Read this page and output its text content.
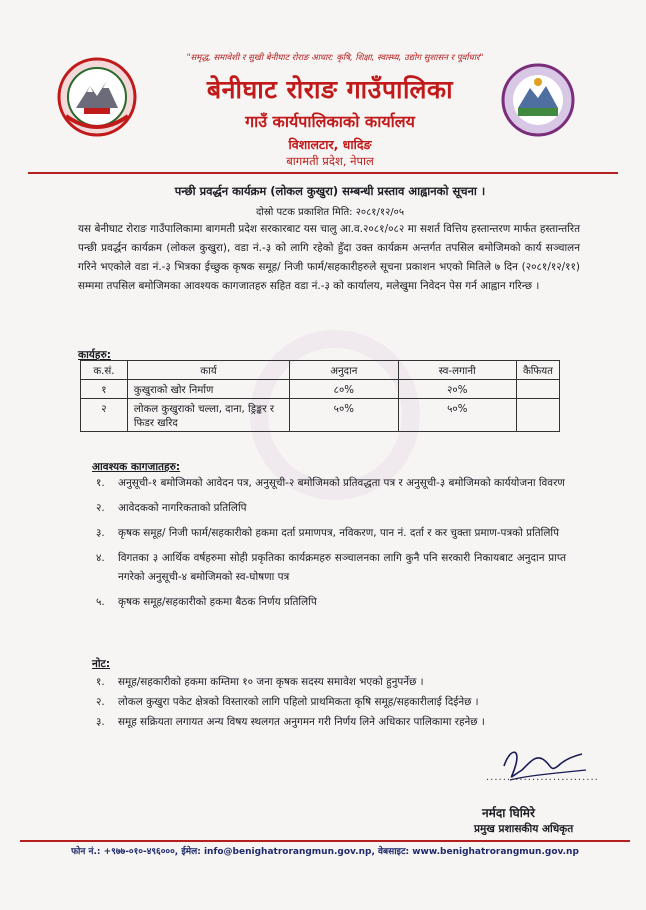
"समृद्ध, समावेशी र सुखी बेनीघाट रोराङ आधार: कृषि, शिक्षा, स्वास्थ्य, उद्योग सुशासन र पूर्वाधार"
बेनीघाट रोराङ गाउँपालिका
गाउँ कार्यपालिकाको कार्यालय
विशालटार, धादिङ
बागमती प्रदेश, नेपाल
पन्छी प्रवर्द्धन कार्यक्रम (लोकल कुखुरा) सम्बन्धी प्रस्ताव आह्वानको सूचना ।
दोस्रो पटक प्रकाशित मिति: २०८१/१२/०५
यस बेनीघाट रोराङ गाउँपालिकामा बागमती प्रदेश सरकारबाट यस चालु आ.व.२०८१/०८२ मा सशर्त वित्तिय हस्तान्तरण मार्फत हस्तान्तरित पन्छी प्रवर्द्धन कार्यक्रम (लोकल कुखुरा), वडा नं.-३ को लागि रहेको हुँदा उक्त कार्यक्रम अन्तर्गत तपसिल बमोजिमको कार्य सञ्चालन गरिने भएकोले वडा नं.-३ भित्रका ईच्छुक कृषक समूह/ निजी फार्म/सहकारीहरुले सूचना प्रकाशन भएको मितिले ७ दिन (२०८१/१२/११) सम्ममा तपसिल बमोजिमका आवश्यक कागजातहरु सहित वडा नं.-३ को कार्यालय, मलेखुमा निवेदन पेस गर्न आह्वान गरिन्छ ।
कार्यहरु:
क.सं.	कार्य	अनुदान	स्व-लगानी	कैफियत
१	कुखुराको खोर निर्माण	८०%	२०%	
२	लोकल कुखुराको चल्ला, दाना, ड्रिङ्कर र फिडर खरिद	५०%	५०%	
आवश्यक कागजातहरु:
१. अनुसूची-१ बमोजिमको आवेदन पत्र, अनुसूची-२ बमोजिमको प्रतिवद्धता पत्र र अनुसूची-३ बमोजिमको कार्ययोजना विवरण
२. आवेदकको नागरिकताको प्रतिलिपि
३. कृषक समूह/ निजी फार्म/सहकारीको हकमा दर्ता प्रमाणपत्र, नविकरण, पान नं. दर्ता र कर चुक्ता प्रमाण-पत्रको प्रतिलिपि
४. विगतका ३ आर्थिक वर्षहरुमा सोही प्रकृतिका कार्यक्रमहरु सञ्चालनका लागि कुनै पनि सरकारी निकायबाट अनुदान प्राप्त नगरेको अनुसूची-४ बमोजिमको स्व-घोषणा पत्र
५. कृषक समूह/सहकारीको हकमा बैठक निर्णय प्रतिलिपि
नोट:
१. समूह/सहकारीको हकमा कम्तिमा १० जना कृषक सदस्य समावेश भएको हुनुपर्नेछ ।
२. लोकल कुखुरा पकेट क्षेत्रको विस्तारको लागि पहिलो प्राथमिकता कृषि समूह/सहकारीलाई दिईनेछ ।
३. समूह सक्रियता लगायत अन्य विषय स्थलगत अनुगमन गरी निर्णय लिने अधिकार पालिकामा रहनेछ ।
...........................
नर्मदा घिमिरे
प्रमुख प्रशासकीय अधिकृत
फोन नं.: +९७७-०१०-४९६०००, ईमेल: info@benighatrorangmun.gov.np, वेबसाइट: www.benighatrorangmun.gov.np
